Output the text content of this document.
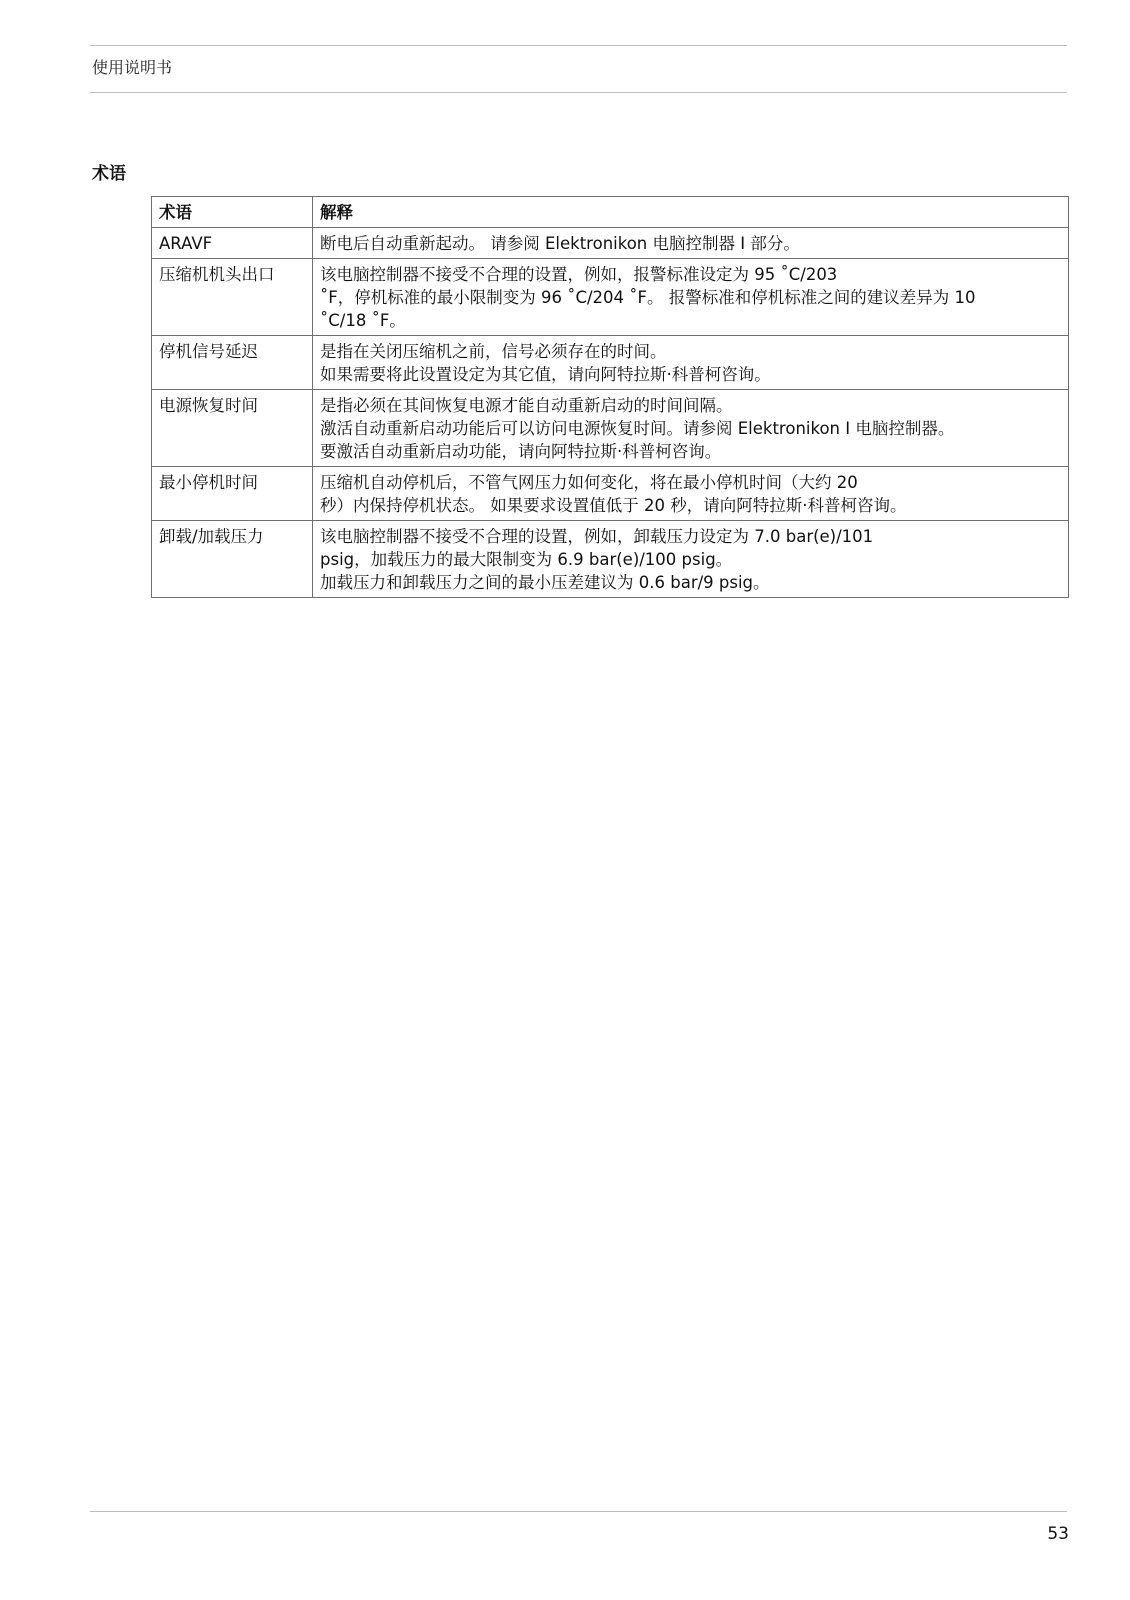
使用说明书
术语
术语	解释
ARAVF	断电后自动重新起动。 请参阅 Elektronikon 电脑控制器 I 部分。

压缩机机头出口	该电脑控制器不接受不合理的设置，例如，报警标准设定为 95 ˚C/203
˚F，停机标准的最小限制变为 96 ˚C/204 ˚F。 报警标准和停机标准之间的建议差异为 10
˚C/18 ˚F。

停机信号延迟	是指在关闭压缩机之前，信号必须存在的时间。
如果需要将此设置设定为其它值，请向阿特拉斯·科普柯咨询。

电源恢复时间	是指必须在其间恢复电源才能自动重新启动的时间间隔。
激活自动重新启动功能后可以访问电源恢复时间。请参阅 Elektronikon I 电脑控制器。
要激活自动重新启动功能，请向阿特拉斯·科普柯咨询。

最小停机时间	压缩机自动停机后，不管气网压力如何变化，将在最小停机时间（大约 20
秒）内保持停机状态。 如果要求设置值低于 20 秒，请向阿特拉斯·科普柯咨询。

卸载/加载压力	该电脑控制器不接受不合理的设置，例如，卸载压力设定为 7.0 bar(e)/101
psig，加载压力的最大限制变为 6.9 bar(e)/100 psig。
加载压力和卸载压力之间的最小压差建议为 0.6 bar/9 psig。
53
